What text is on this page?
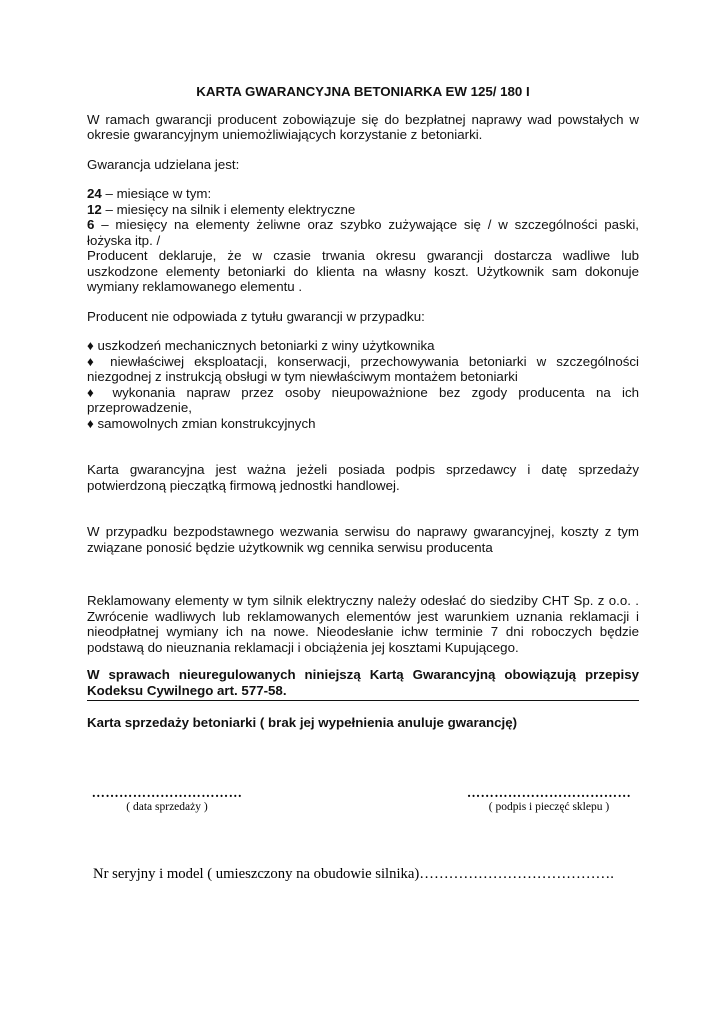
KARTA GWARANCYJNA BETONIARKA EW 125/ 180 I

W ramach gwarancji producent zobowiązuje się do bezpłatnej naprawy wad powstałych w okresie gwarancyjnym uniemożliwiających korzystanie z betoniarki.

Gwarancja udzielana jest:

24 – miesiące w tym:

12 – miesięcy na silnik i elementy elektryczne

6 – miesięcy na elementy żeliwne oraz szybko zużywające się / w szczególności paski, łożyska itp. /

Producent deklaruje, że w czasie trwania okresu gwarancji dostarcza wadliwe lub uszkodzone elementy betoniarki do klienta na własny koszt. Użytkownik sam dokonuje wymiany reklamowanego elementu .

Producent nie odpowiada z tytułu gwarancji w przypadku:

♦ uszkodzeń mechanicznych betoniarki z winy użytkownika

♦ niewłaściwej eksploatacji, konserwacji, przechowywania betoniarki w szczególności niezgodnej z instrukcją obsługi w tym niewłaściwym montażem betoniarki

♦ wykonania napraw przez osoby nieupoważnione bez zgody producenta na ich przeprowadzenie,

♦ samowolnych zmian konstrukcyjnych

Karta gwarancyjna jest ważna jeżeli posiada podpis sprzedawcy i datę sprzedaży potwierdzoną pieczątką firmową jednostki handlowej.

W przypadku bezpodstawnego wezwania serwisu do naprawy gwarancyjnej, koszty z tym związane ponosić będzie użytkownik wg cennika serwisu producenta

Reklamowany elementy w tym silnik elektryczny należy odesłać do siedziby CHT Sp. z o.o. . Zwrócenie wadliwych lub reklamowanych elementów jest warunkiem uznania reklamacji i nieodpłatnej wymiany ich na nowe. Nieodesłanie ichw terminie 7 dni roboczych będzie podstawą do nieuznania reklamacji i obciążenia jej kosztami Kupującego.

W sprawach nieuregulowanych niniejszą Kartą Gwarancyjną obowiązują przepisy Kodeksu Cywilnego art. 577-58.

Karta sprzedaży betoniarki ( brak jej wypełnienia anuluje gwarancję)

……………………………
( data sprzedaży )
………………………………
( podpis i pieczęć sklepu )
Nr seryjny i model ( umieszczony na obudowie silnika)………………………………….
